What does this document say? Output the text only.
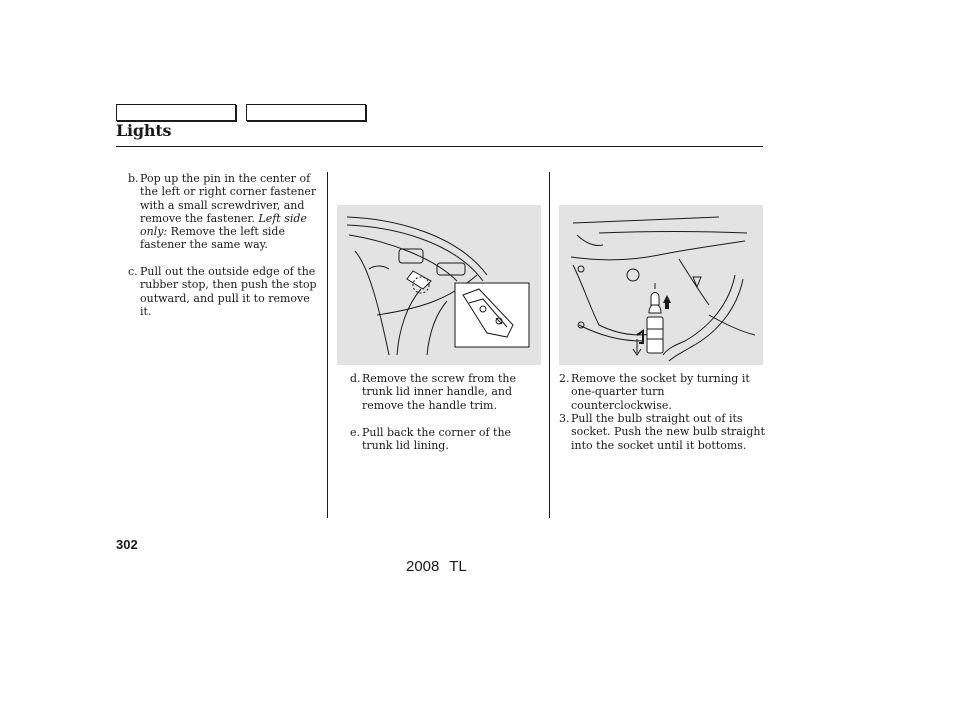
Lights
b. Pop up the pin in the center of the left or right corner fastener with a small screwdriver, and remove the fastener. Left side only: Remove the left side fastener the same way.
c. Pull out the outside edge of the rubber stop, then push the stop outward, and pull it to remove it.
d. Remove the screw from the trunk lid inner handle, and remove the handle trim.
e. Pull back the corner of the trunk lid lining.
2. Remove the socket by turning it one-quarter turn counterclockwise.
3. Pull the bulb straight out of its socket. Push the new bulb straight into the socket until it bottoms.
302
2008 TL
